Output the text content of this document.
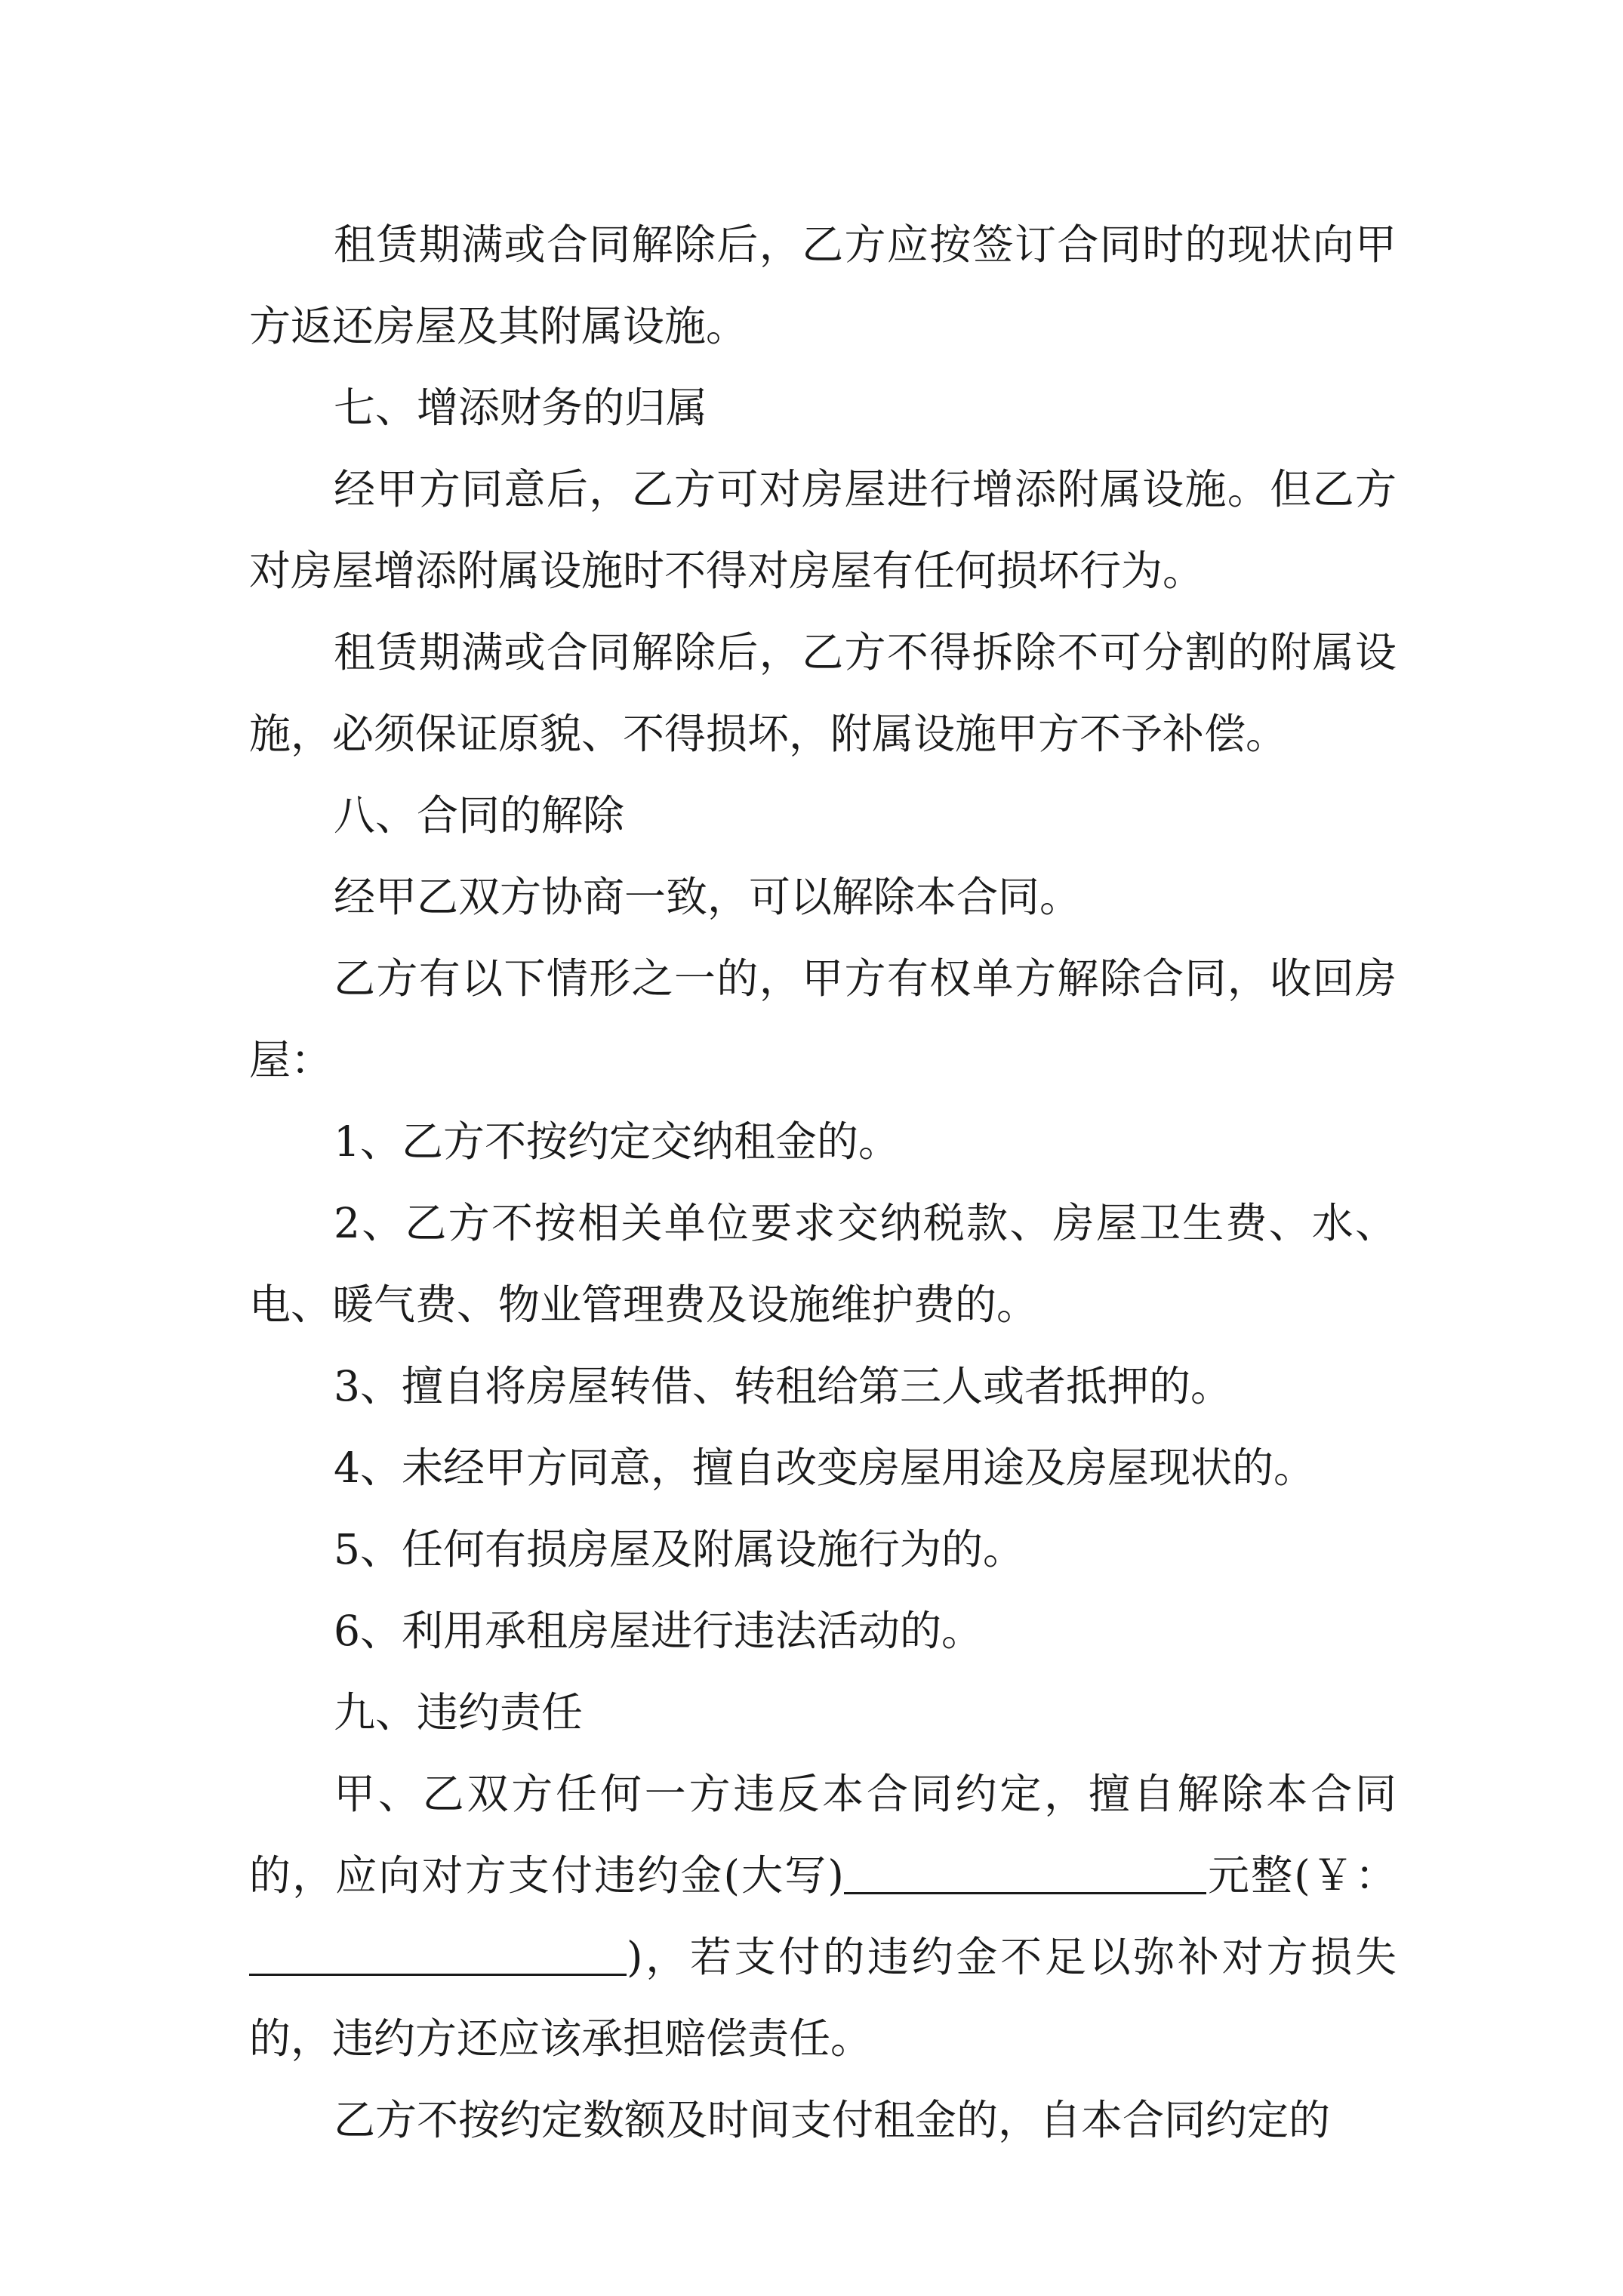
租赁期满或合同解除后，乙方应按签订合同时的现状向甲方返还房屋及其附属设施。

七、增添财务的归属

经甲方同意后，乙方可对房屋进行增添附属设施。但乙方对房屋增添附属设施时不得对房屋有任何损坏行为。

租赁期满或合同解除后，乙方不得拆除不可分割的附属设施，必须保证原貌、不得损坏，附属设施甲方不予补偿。

八、合同的解除

经甲乙双方协商一致，可以解除本合同。

乙方有以下情形之一的，甲方有权单方解除合同，收回房屋：

1、乙方不按约定交纳租金的。

2、乙方不按相关单位要求交纳税款、房屋卫生费、水、电、暖气费、物业管理费及设施维护费的。

3、擅自将房屋转借、转租给第三人或者抵押的。

4、未经甲方同意，擅自改变房屋用途及房屋现状的。

5、任何有损房屋及附属设施行为的。

6、利用承租房屋进行违法活动的。

九、违约责任

甲、乙双方任何一方违反本合同约定，擅自解除本合同的，应向对方支付违约金(大写)	元整(￥：)，若支付的违约金不足以弥补对方损失的，违约方还应该承担赔偿责任。

乙方不按约定数额及时间支付租金的，自本合同约定的
